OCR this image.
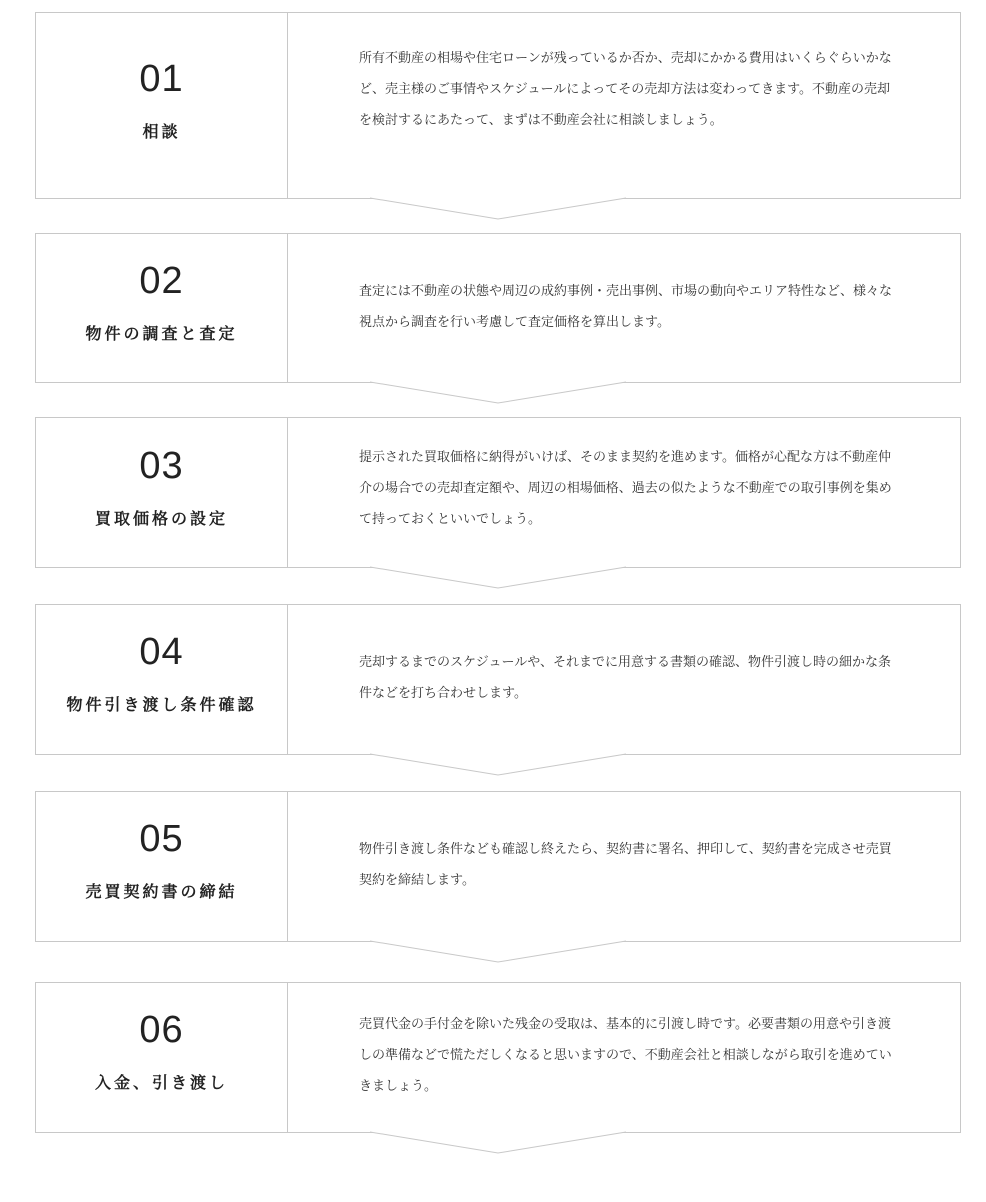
01
相談
所有不動産の相場や住宅ローンが残っているか否か、売却にかかる費用はいくらぐらいかなど、売主様のご事情やスケジュールによってその売却方法は変わってきます。不動産の売却を検討するにあたって、まずは不動産会社に相談しましょう。
02
物件の調査と査定
査定には不動産の状態や周辺の成約事例・売出事例、市場の動向やエリア特性など、様々な視点から調査を行い考慮して査定価格を算出します。
03
買取価格の設定
提示された買取価格に納得がいけば、そのまま契約を進めます。価格が心配な方は不動産仲介の場合での売却査定額や、周辺の相場価格、過去の似たような不動産での取引事例を集めて持っておくといいでしょう。
04
物件引き渡し条件確認
売却するまでのスケジュールや、それまでに用意する書類の確認、物件引渡し時の細かな条件などを打ち合わせします。
05
売買契約書の締結
物件引き渡し条件なども確認し終えたら、契約書に署名、押印して、契約書を完成させ売買契約を締結します。
06
入金、引き渡し
売買代金の手付金を除いた残金の受取は、基本的に引渡し時です。必要書類の用意や引き渡しの準備などで慌ただしくなると思いますので、不動産会社と相談しながら取引を進めていきましょう。
